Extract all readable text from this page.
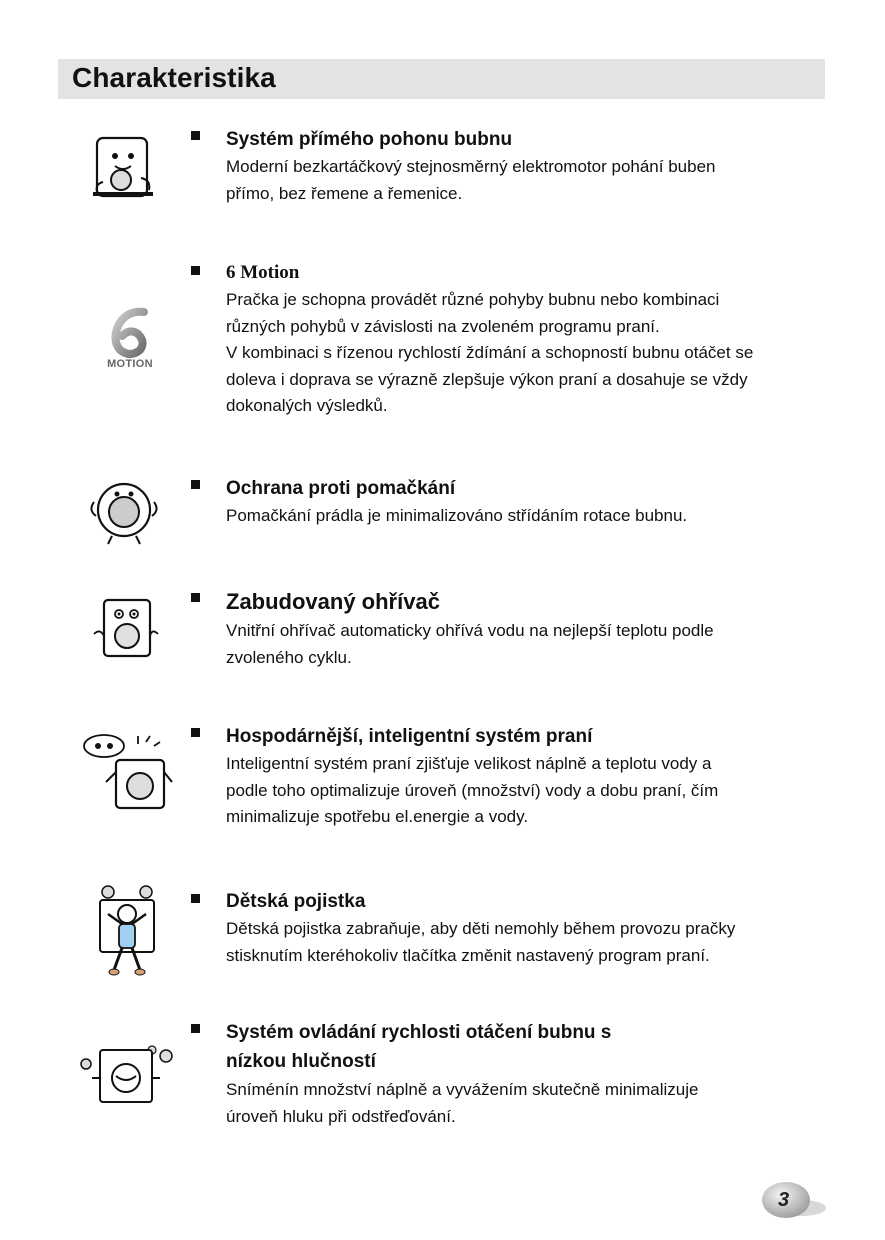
Charakteristika
Systém přímého pohonu bubnu
Moderní bezkartáčkový stejnosměrný elektromotor pohání buben
přímo, bez řemene a řemenice.
MOTION
6 Motion
Pračka je schopna provádět různé pohyby bubnu nebo kombinaci
různých pohybů v závislosti na zvoleném programu praní.
V kombinaci s řízenou rychlostí ždímání a schopností bubnu otáčet se
doleva i doprava se výrazně zlepšuje výkon praní a dosahuje se vždy
dokonalých výsledků.
Ochrana proti pomačkání
Pomačkání prádla je minimalizováno střídáním rotace bubnu.
Zabudovaný ohřívač
Vnitřní ohřívač automaticky ohřívá vodu na nejlepší teplotu podle
zvoleného cyklu.
Hospodárnější, inteligentní systém praní
Inteligentní systém praní zjišťuje velikost náplně a teplotu vody a
podle toho optimalizuje úroveň (množství) vody a dobu praní, čím
minimalizuje spotřebu el.energie a vody.
Dětská pojistka
Dětská pojistka zabraňuje, aby děti nemohly během provozu pračky
stisknutím kteréhokoliv tlačítka změnit nastavený program praní.
Systém ovládání rychlosti otáčení bubnu s
nízkou hlučností
Sníménín množství náplně a vyvážením skutečně minimalizuje
úroveň hluku při odstřeďování.
3
